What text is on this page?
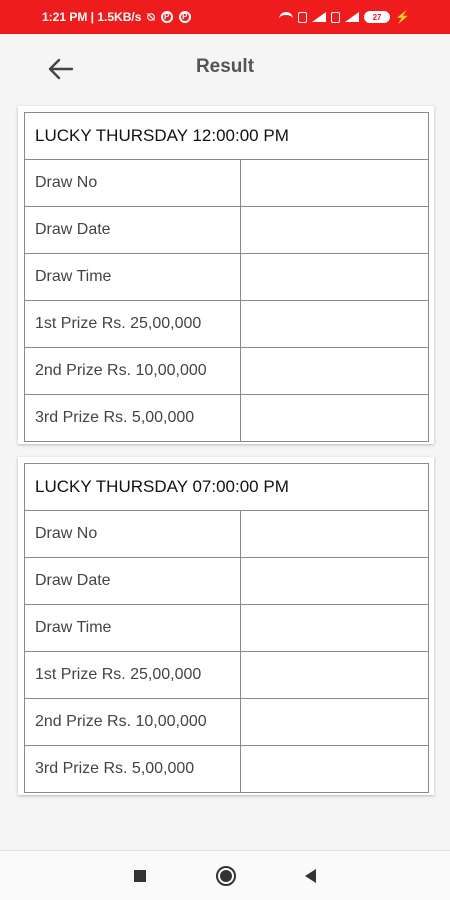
1:21 PM | 1.5KB/s ⍉	P	P	27	⚡
Result
LUCKY THURSDAY 12:00:00 PM	
Draw No	
Draw Date	
Draw Time	
1st Prize Rs. 25,00,000	
2nd Prize Rs. 10,00,000	
3rd Prize Rs. 5,00,000	
LUCKY THURSDAY 07:00:00 PM	
Draw No	
Draw Date	
Draw Time	
1st Prize Rs. 25,00,000	
2nd Prize Rs. 10,00,000	
3rd Prize Rs. 5,00,000	
